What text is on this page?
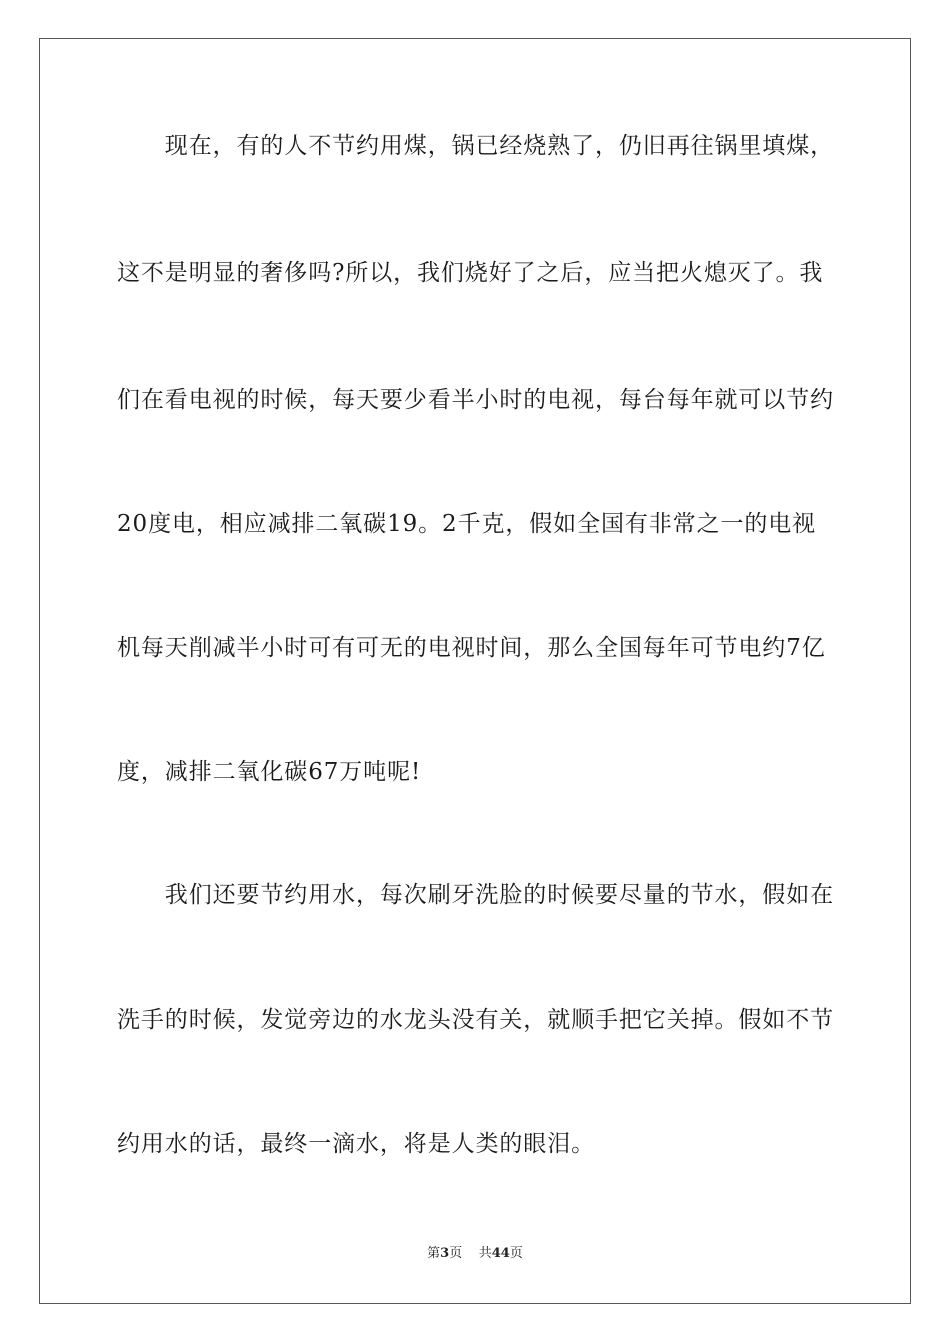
　　现在，有的人不节约用煤，锅已经烧熟了，仍旧再往锅里填煤，
这不是明显的奢侈吗?所以，我们烧好了之后，应当把火熄灭了。我
们在看电视的时候，每天要少看半小时的电视，每台每年就可以节约
20度电，相应减排二氧碳19。2千克，假如全国有非常之一的电视
机每天削减半小时可有可无的电视时间，那么全国每年可节电约7亿
度，减排二氧化碳67万吨呢!
　　我们还要节约用水，每次刷牙洗脸的时候要尽量的节水，假如在
洗手的时候，发觉旁边的水龙头没有关，就顺手把它关掉。假如不节
约用水的话，最终一滴水，将是人类的眼泪。
第3页 共44页
